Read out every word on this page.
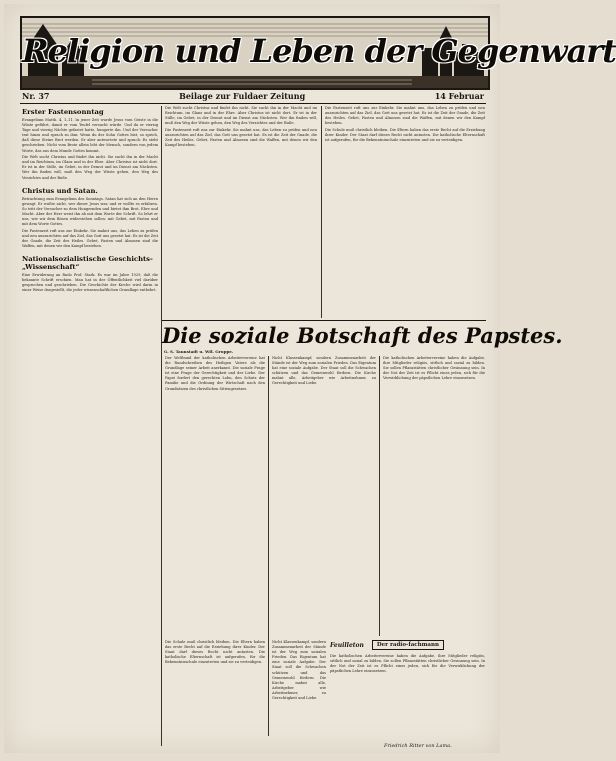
Religion und Leben der Gegenwart
Nr. 37	Beilage zur Fuldaer Zeitung	14 Februar
Erster Fastensonntag

Evangelium Matth. 4, 1–11. In jener Zeit wurde Jesus vom Geiste in die Wüste geführt, damit er vom Teufel versucht würde. Und da er vierzig Tage und vierzig Nächte gefastet hatte, hungerte ihn. Und der Versucher trat hinzu und sprach zu ihm: Wenn du der Sohn Gottes bist, so sprich, daß diese Steine Brot werden. Er aber antwortete und sprach: Es steht geschrieben: Nicht vom Brote allein lebt der Mensch, sondern von jedem Worte, das aus dem Munde Gottes kommt.

Die Welt sucht Christus und findet ihn nicht. Sie sucht ihn in der Macht und im Reichtum, im Glanz und in der Ehre. Aber Christus ist nicht dort. Er ist in der Stille, im Gebet, in der Demut und im Dienst am Nächsten. Wer ihn finden will, muß den Weg der Wüste gehen, den Weg des Verzichtes und der Buße.

Christus und Satan.

Betrachtung zum Evangelium des Sonntags. Satan hat sich an den Herrn gewagt. Er wußte nicht, wer dieser Jesus war, und er wollte es erfahren. So tritt der Versucher zu dem Hungernden und bietet ihm Brot, Ehre und Macht. Aber der Herr weist ihn ab mit dem Worte der Schrift. So lehrt er uns, wie wir dem Bösen widerstehen sollen: mit Gebet, mit Fasten und mit dem Worte Gottes.

Die Fastenzeit ruft uns zur Einkehr. Sie mahnt uns, das Leben zu prüfen und neu auszurichten auf das Ziel, das Gott uns gesetzt hat. Es ist die Zeit der Gnade, die Zeit des Heiles. Gebet, Fasten und Almosen sind die Waffen, mit denen wir den Kampf bestehen.

Nationalsozialistische Geschichts-„Wissenschaft“

Eine Erwiderung an Rudo Prof. Stark. Es war im Jahre 1929, daß die bekannte Schrift erschien. Man hat in der Öffentlichkeit viel darüber gesprochen und geschrieben. Die Geschichte der Kirche wird darin in einer Weise dargestellt, die jeder wissenschaftlichen Grundlage entbehrt.

Die Welt sucht Christus und findet ihn nicht. Sie sucht ihn in der Macht und im Reichtum, im Glanz und in der Ehre. Aber Christus ist nicht dort. Er ist in der Stille, im Gebet, in der Demut und im Dienst am Nächsten. Wer ihn finden will, muß den Weg der Wüste gehen, den Weg des Verzichtes und der Buße.

Die Fastenzeit ruft uns zur Einkehr. Sie mahnt uns, das Leben zu prüfen und neu auszurichten auf das Ziel, das Gott uns gesetzt hat. Es ist die Zeit der Gnade, die Zeit des Heiles. Gebet, Fasten und Almosen sind die Waffen, mit denen wir den Kampf bestehen.

Die Fastenzeit ruft uns zur Einkehr. Sie mahnt uns, das Leben zu prüfen und neu auszurichten auf das Ziel, das Gott uns gesetzt hat. Es ist die Zeit der Gnade, die Zeit des Heiles. Gebet, Fasten und Almosen sind die Waffen, mit denen wir den Kampf bestehen.

Die Schule muß christlich bleiben. Die Eltern haben das erste Recht auf die Erziehung ihrer Kinder. Der Staat darf dieses Recht nicht antasten. Die katholische Elternschaft ist aufgerufen, für die Bekenntnisschule einzutreten und sie zu verteidigen.

Die soziale Botschaft des Papstes.
G. S. Tannstadt u. Wil. Gruppe.

Der Weltbund der katholischen Arbeitervereine hat die Rundschreiben des Heiligen Vaters als die Grundlage seiner Arbeit anerkannt. Die soziale Frage ist eine Frage der Gerechtigkeit und der Liebe. Der Papst fordert den gerechten Lohn, den Schutz der Familie und die Ordnung der Wirtschaft nach den Grundsätzen des christlichen Sittengesetzes.

Nicht Klassenkampf, sondern Zusammenarbeit der Stände ist der Weg zum sozialen Frieden. Das Eigentum hat eine soziale Aufgabe. Der Staat soll die Schwachen schützen und das Gemeinwohl fördern. Die Kirche mahnt alle, Arbeitgeber wie Arbeitnehmer, zu Gerechtigkeit und Liebe.

Die katholischen Arbeitervereine haben die Aufgabe, ihre Mitglieder religiös, sittlich und sozial zu bilden. Sie sollen Pflanzstätten christlicher Gesinnung sein. In der Not der Zeit ist es Pflicht eines jeden, sich für die Verwirklichung der päpstlichen Lehre einzusetzen.

Die Schule muß christlich bleiben. Die Eltern haben das erste Recht auf die Erziehung ihrer Kinder. Der Staat darf dieses Recht nicht antasten. Die katholische Elternschaft ist aufgerufen, für die Bekenntnisschule einzutreten und sie zu verteidigen.

Nicht Klassenkampf, sondern Zusammenarbeit der Stände ist der Weg zum sozialen Frieden. Das Eigentum hat eine soziale Aufgabe. Der Staat soll die Schwachen schützen und das Gemeinwohl fördern. Die Kirche mahnt alle, Arbeitgeber wie Arbeitnehmer, zu Gerechtigkeit und Liebe.

Feuilleton	Der radio-fachmann

Die katholischen Arbeitervereine haben die Aufgabe, ihre Mitglieder religiös, sittlich und sozial zu bilden. Sie sollen Pflanzstätten christlicher Gesinnung sein. In der Not der Zeit ist es Pflicht eines jeden, sich für die Verwirklichung der päpstlichen Lehre einzusetzen.

Friedrich Ritter von Lama.
